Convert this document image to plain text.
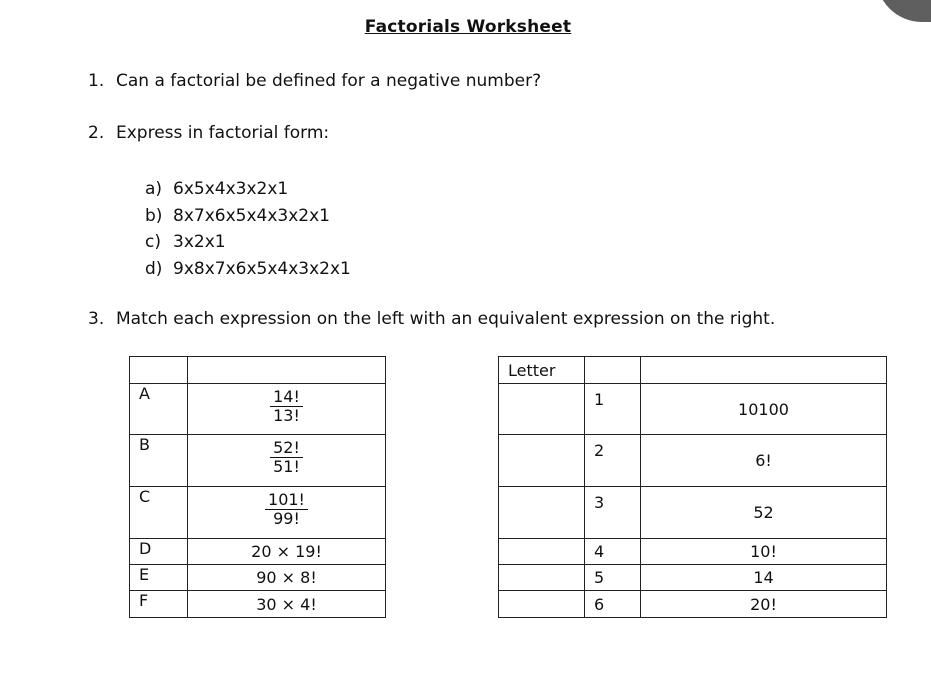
Factorials Worksheet
1. Can a factorial be defined for a negative number?
2. Express in factorial form:
a) 6x5x4x3x2x1
b) 8x7x6x5x4x3x2x1
c) 3x2x1
d) 9x8x7x6x5x4x3x2x1
3. Match each expression on the left with an equivalent expression on the right.

A	$\frac{14!}{13!}$

B	$\frac{52!}{51!}$

C	$\frac{101!}{99!}$

D	20 × 19!
E	90 × 8!
F	30 × 4!
Letter		
	1	10100
	2	6!
	3	52
	4	10!
	5	14
	6	20!
